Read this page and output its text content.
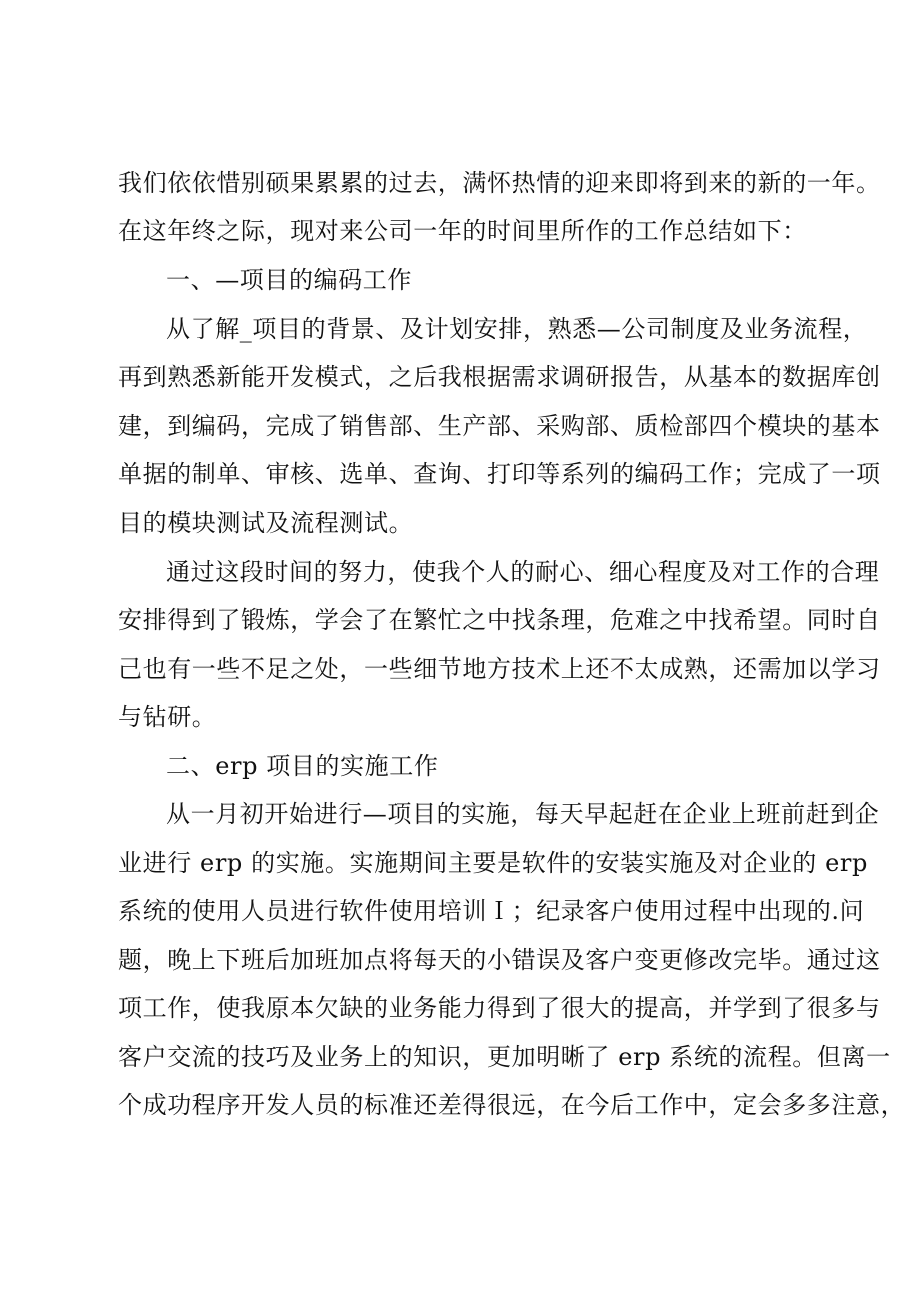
我们依依惜别硕果累累的过去，满怀热情的迎来即将到来的新的一年。
在这年终之际，现对来公司一年的时间里所作的工作总结如下：
一、—项目的编码工作
从了解_项目的背景、及计划安排，熟悉—公司制度及业务流程，
再到熟悉新能开发模式，之后我根据需求调研报告，从基本的数据库创
建，到编码，完成了销售部、生产部、采购部、质检部四个模块的基本
单据的制单、审核、选单、查询、打印等系列的编码工作；完成了一项
目的模块测试及流程测试。
通过这段时间的努力，使我个人的耐心、细心程度及对工作的合理
安排得到了锻炼，学会了在繁忙之中找条理，危难之中找希望。同时自
己也有一些不足之处，一些细节地方技术上还不太成熟，还需加以学习
与钻研。
二、erp 项目的实施工作
从一月初开始进行—项目的实施，每天早起赶在企业上班前赶到企
业进行 erp 的实施。实施期间主要是软件的安装实施及对企业的 erp
系统的使用人员进行软件使用培训Ｉ；纪录客户使用过程中出现的.问
题，晚上下班后加班加点将每天的小错误及客户变更修改完毕。通过这
项工作，使我原本欠缺的业务能力得到了很大的提高，并学到了很多与
客户交流的技巧及业务上的知识，更加明晰了 erp 系统的流程。但离一
个成功程序开发人员的标准还差得很远，在今后工作中，定会多多注意，
